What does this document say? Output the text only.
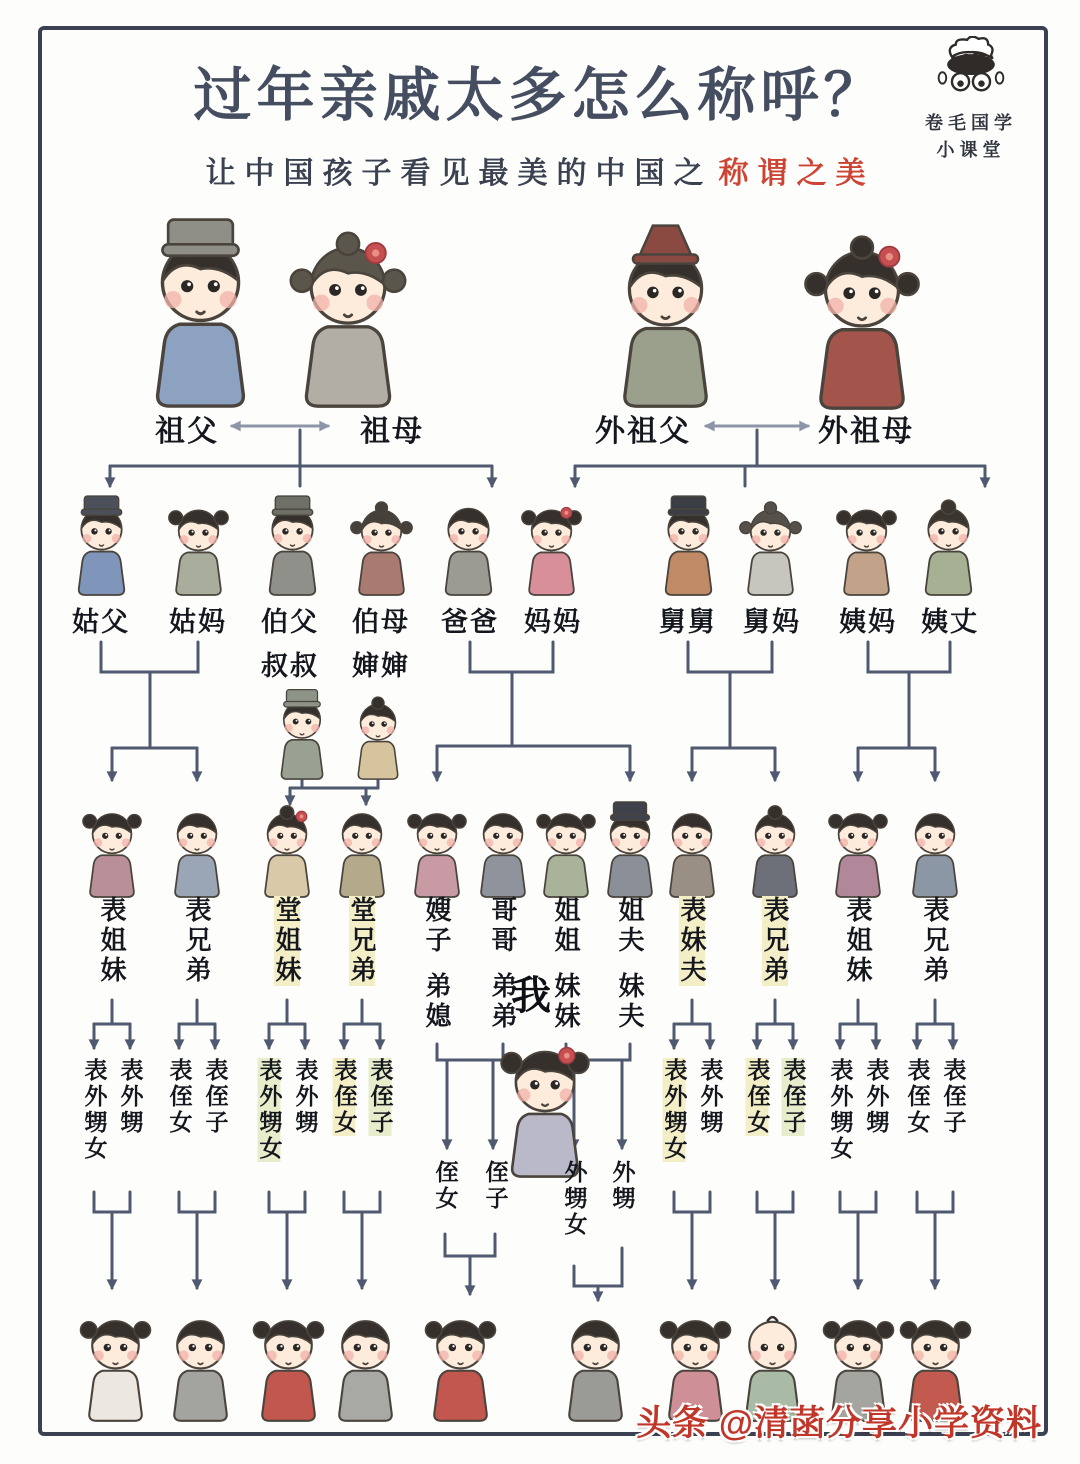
过年亲戚太多怎么称呼？
让中国孩子看见最美的中国之 称谓之美
卷毛国学
小课堂
祖父	祖母	外祖父	外祖母
姑父 姑妈 伯父 伯母
叔叔 婶婶
爸爸 妈妈	舅舅 舅妈 姨妈 姨丈
表姐妹 表兄弟 堂姐妹 堂兄弟 嫂子弟媳
哥哥弟弟
姐姐妹妹
姐夫妹夫
我
表妹夫 表兄弟 表姐妹 表兄弟
表外甥女 表外甥 表侄女 表侄子 表外甥女 表外甥 表侄女 表侄子
侄女 侄子 外甥女 外甥
表外甥女 表外甥 表侄女 表侄子 表外甥女 表外甥 表侄女 表侄子
头条 @清菡分享小学资料
